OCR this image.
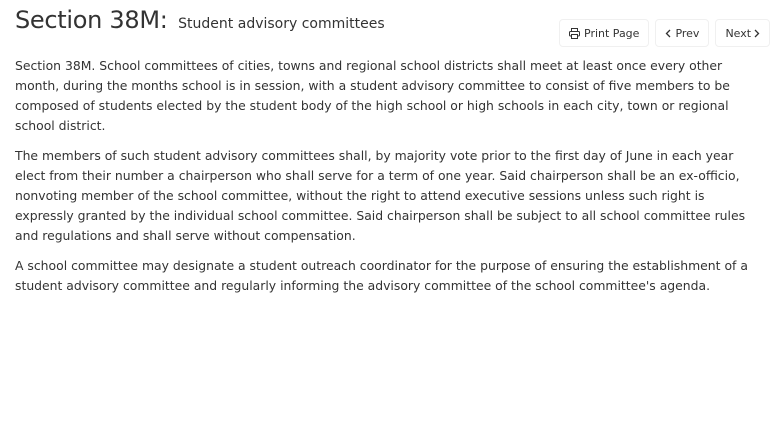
Section 38M: Student advisory committees
Print Page	Prev Next

Section 38M. School committees of cities, towns and regional school districts shall meet at least once every other month, during the months school is in session, with a student advisory committee to consist of five members to be composed of students elected by the student body of the high school or high schools in each city, town or regional school district.

The members of such student advisory committees shall, by majority vote prior to the first day of June in each year elect from their number a chairperson who shall serve for a term of one year. Said chairperson shall be an ex-officio, nonvoting member of the school committee, without the right to attend executive sessions unless such right is expressly granted by the individual school committee. Said chairperson shall be subject to all school committee rules and regulations and shall serve without compensation.

A school committee may designate a student outreach coordinator for the purpose of ensuring the establishment of a student advisory committee and regularly informing the advisory committee of the school committee's agenda.
